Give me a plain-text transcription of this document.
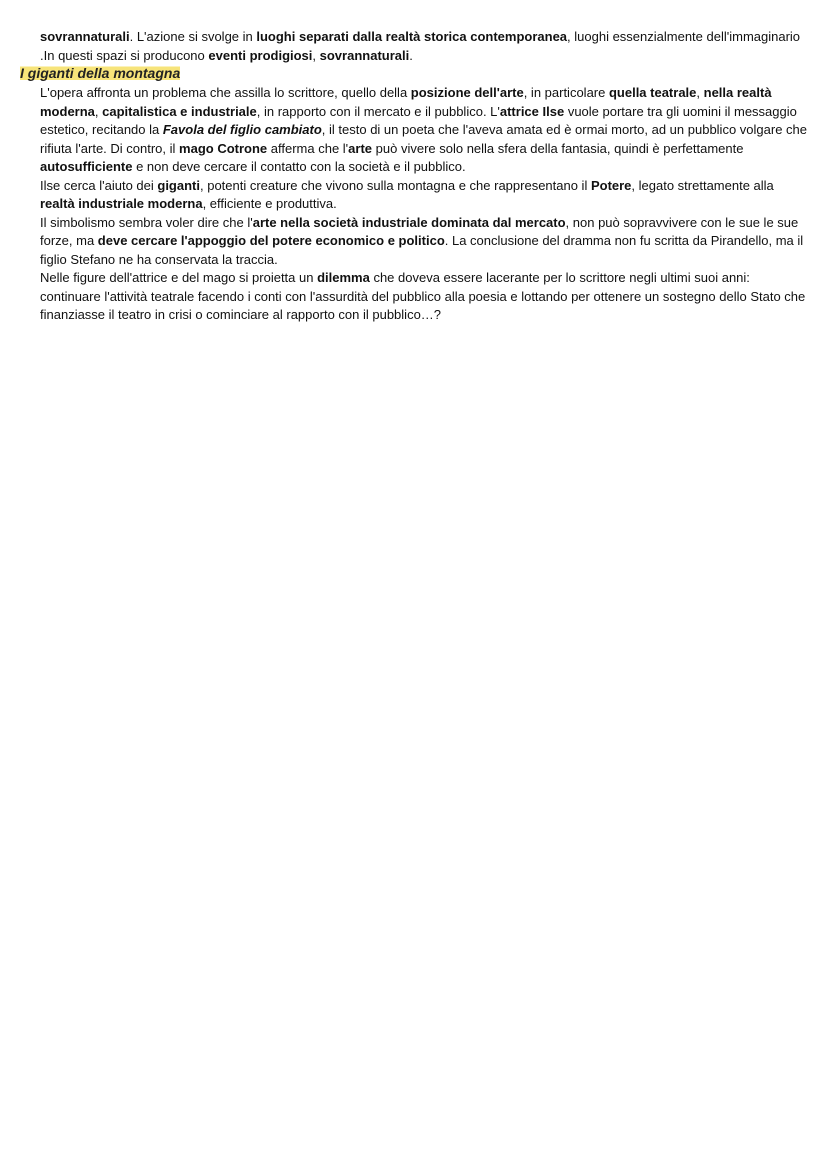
sovrannaturali. L'azione si svolge in luoghi separati dalla realtà storica contemporanea, luoghi essenzialmente dell'immaginario .In questi spazi si producono eventi prodigiosi, sovrannaturali.

I giganti della montagna

L'opera affronta un problema che assilla lo scrittore, quello della posizione dell'arte, in particolare quella teatrale, nella realtà moderna, capitalistica e industriale, in rapporto con il mercato e il pubblico. L'attrice Ilse vuole portare tra gli uomini il messaggio estetico, recitando la Favola del figlio cambiato, il testo di un poeta che l'aveva amata ed è ormai morto, ad un pubblico volgare che rifiuta l'arte. Di contro, il mago Cotrone afferma che l'arte può vivere solo nella sfera della fantasia, quindi è perfettamente autosufficiente e non deve cercare il contatto con la società e il pubblico.

Ilse cerca l'aiuto dei giganti, potenti creature che vivono sulla montagna e che rappresentano il Potere, legato strettamente alla realtà industriale moderna, efficiente e produttiva.

Il simbolismo sembra voler dire che l'arte nella società industriale dominata dal mercato, non può sopravvivere con le sue le sue forze, ma deve cercare l'appoggio del potere economico e politico. La conclusione del dramma non fu scritta da Pirandello, ma il figlio Stefano ne ha conservata la traccia.

Nelle figure dell'attrice e del mago si proietta un dilemma che doveva essere lacerante per lo scrittore negli ultimi suoi anni: continuare l'attività teatrale facendo i conti con l'assurdità del pubblico alla poesia e lottando per ottenere un sostegno dello Stato che finanziasse il teatro in crisi o cominciare al rapporto con il pubblico…?
